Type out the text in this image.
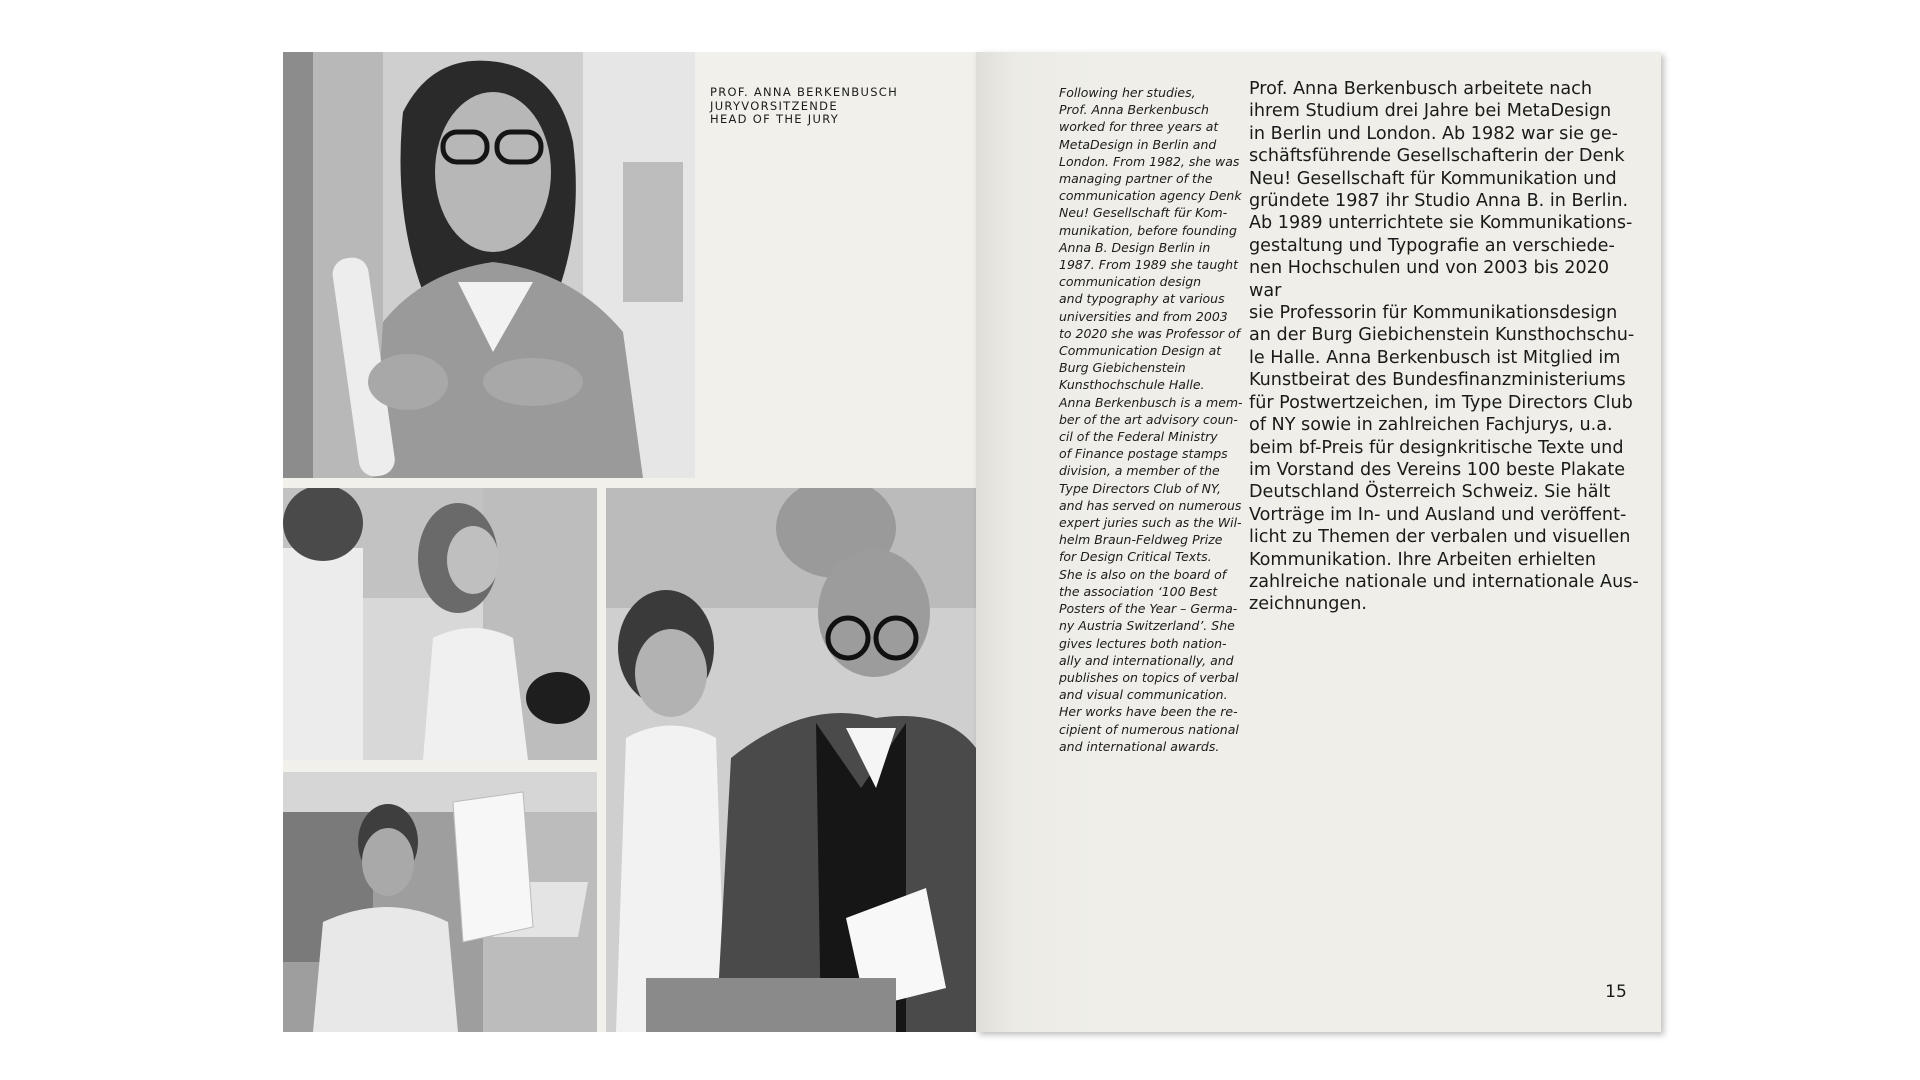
PROF. ANNA BERKENBUSCH
JURYVORSITZENDE
HEAD OF THE JURY
Following her studies,
Prof. Anna Berkenbusch
worked for three years at
MetaDesign in Berlin and
London. From 1982, she was
managing partner of the
communication agency Denk
Neu! Gesellschaft für Kom-
munikation, before founding
Anna B. Design Berlin in
1987. From 1989 she taught
communication design
and typography at various
universities and from 2003
to 2020 she was Professor of
Communication Design at
Burg Giebichenstein
Kunsthochschule Halle.
Anna Berkenbusch is a mem-
ber of the art advisory coun-
cil of the Federal Ministry
of Finance postage stamps
division, a member of the
Type Directors Club of NY,
and has served on numerous
expert juries such as the Wil-
helm Braun-Feldweg Prize
for Design Critical Texts.
She is also on the board of
the association ‘100 Best
Posters of the Year – Germa-
ny Austria Switzerland’. She
gives lectures both nation-
ally and internationally, and
publishes on topics of verbal
and visual communication.
Her works have been the re-
cipient of numerous national
and international awards.
Prof. Anna Berkenbusch arbeitete nach
ihrem Studium drei Jahre bei MetaDesign
in Berlin und London. Ab 1982 war sie ge-
schäftsführende Gesellschafterin der Denk
Neu! Gesellschaft für Kommunikation und
gründete 1987 ihr Studio Anna B. in Berlin.
Ab 1989 unterrichtete sie Kommunikations-
gestaltung und Typografie an verschiede-
nen Hochschulen und von 2003 bis 2020 war
sie Professorin für Kommunikationsdesign
an der Burg Giebichenstein Kunsthochschu-
le Halle. Anna Berkenbusch ist Mitglied im
Kunstbeirat des Bundesfinanzministeriums
für Postwertzeichen, im Type Directors Club
of NY sowie in zahlreichen Fachjurys, u.a.
beim bf-Preis für designkritische Texte und
im Vorstand des Vereins 100 beste Plakate
Deutschland Österreich Schweiz. Sie hält
Vorträge im In- und Ausland und veröffent-
licht zu Themen der verbalen und visuellen
Kommunikation. Ihre Arbeiten erhielten
zahlreiche nationale und internationale Aus-
zeichnungen.
15
